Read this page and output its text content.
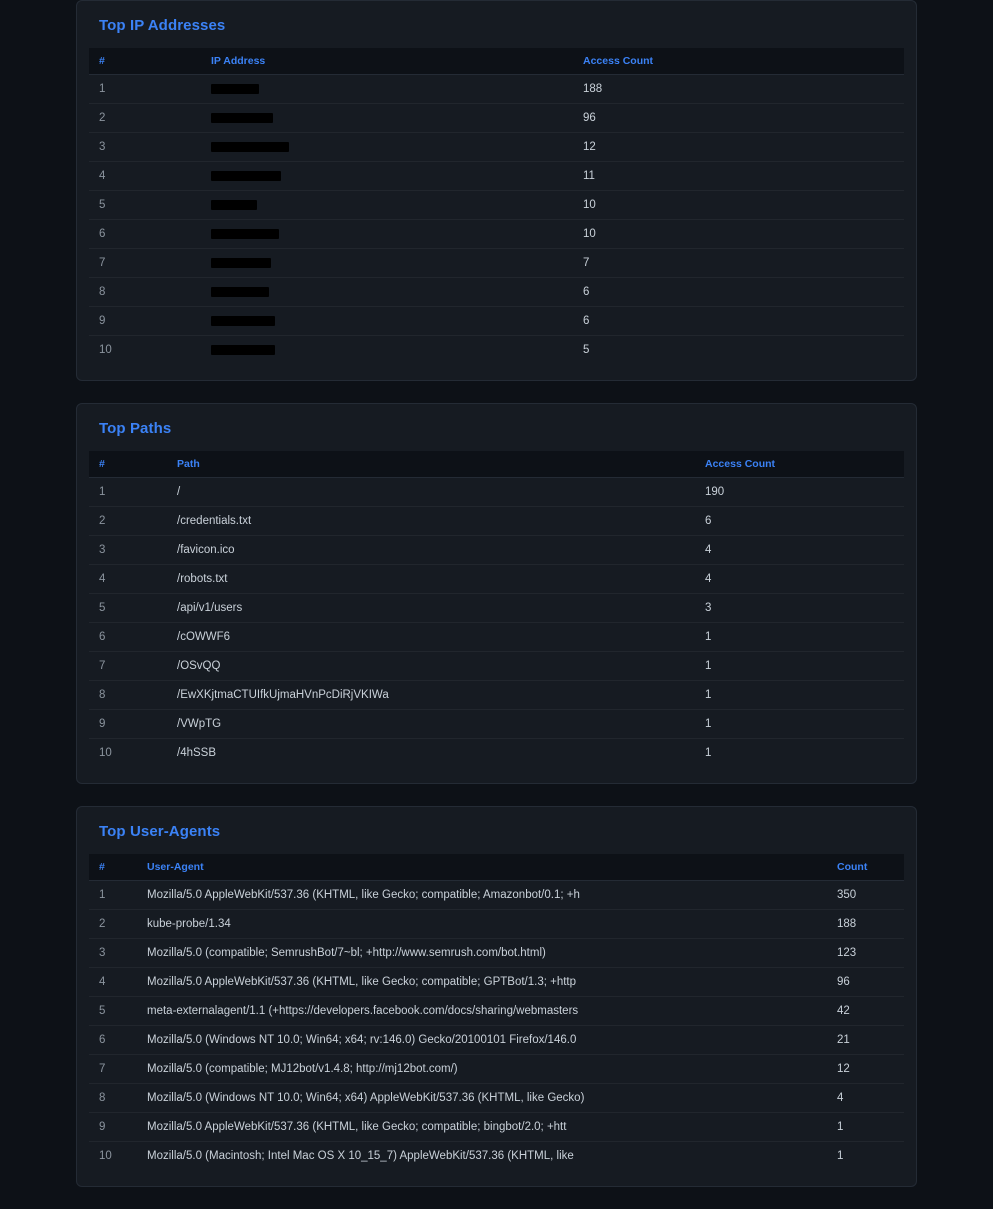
Top IP Addresses
#	IP Address	Access Count
1		188
2		96
3		12
4		11
5		10
6		10
7		7
8		6
9		6
10		5
Top Paths
#	Path	Access Count
1	/	190
2	/credentials.txt	6
3	/favicon.ico	4
4	/robots.txt	4
5	/api/v1/users	3
6	/cOWWF6	1
7	/OSvQQ	1
8	/EwXKjtmaCTUIfkUjmaHVnPcDiRjVKIWa	1
9	/VWpTG	1
10	/4hSSB	1
Top User-Agents
#	User-Agent	Count
1	Mozilla/5.0 AppleWebKit/537.36 (KHTML, like Gecko; compatible; Amazonbot/0.1; +h	350
2	kube-probe/1.34	188
3	Mozilla/5.0 (compatible; SemrushBot/7~bl; +http://www.semrush.com/bot.html)	123
4	Mozilla/5.0 AppleWebKit/537.36 (KHTML, like Gecko; compatible; GPTBot/1.3; +http	96
5	meta-externalagent/1.1 (+https://developers.facebook.com/docs/sharing/webmasters	42
6	Mozilla/5.0 (Windows NT 10.0; Win64; x64; rv:146.0) Gecko/20100101 Firefox/146.0	21
7	Mozilla/5.0 (compatible; MJ12bot/v1.4.8; http://mj12bot.com/)	12
8	Mozilla/5.0 (Windows NT 10.0; Win64; x64) AppleWebKit/537.36 (KHTML, like Gecko)	4
9	Mozilla/5.0 AppleWebKit/537.36 (KHTML, like Gecko; compatible; bingbot/2.0; +htt	1
10	Mozilla/5.0 (Macintosh; Intel Mac OS X 10_15_7) AppleWebKit/537.36 (KHTML, like	1
